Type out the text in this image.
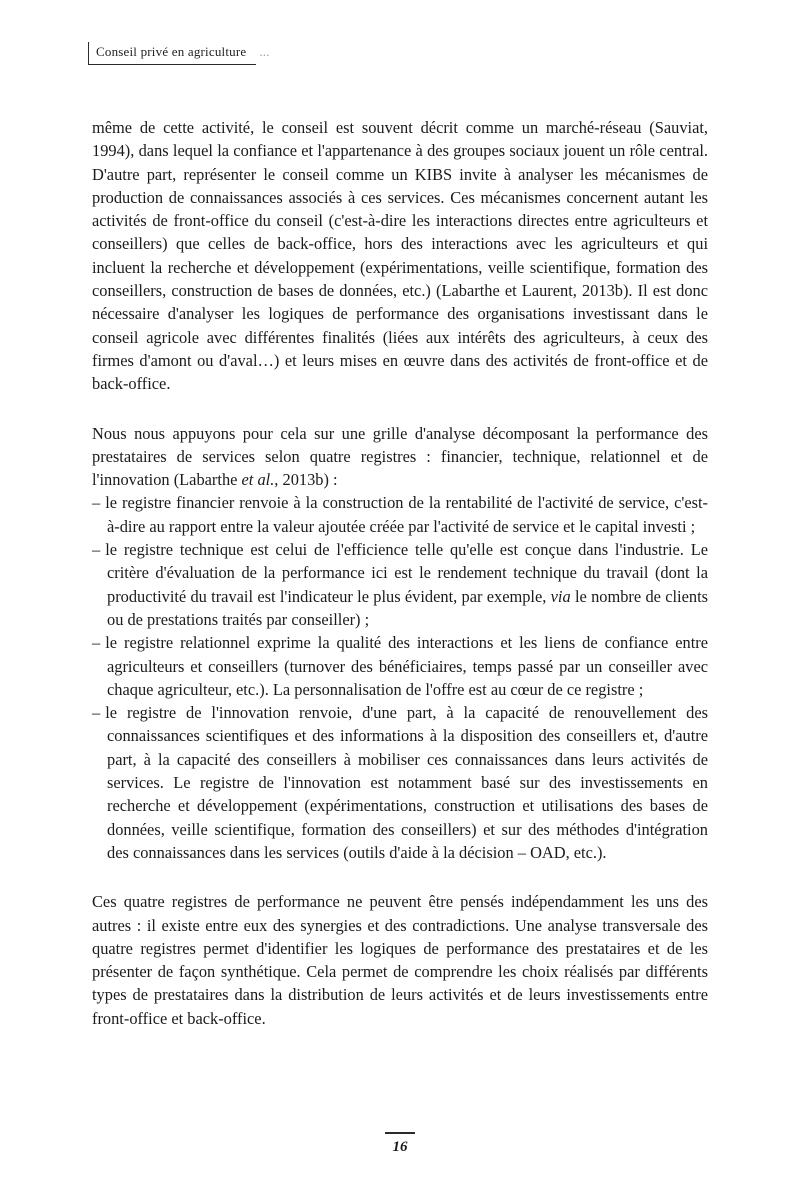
Conseil privé en agriculture ...

même de cette activité, le conseil est souvent décrit comme un marché-réseau (Sauviat, 1994), dans lequel la confiance et l'appartenance à des groupes sociaux jouent un rôle central. D'autre part, représenter le conseil comme un KIBS invite à analyser les mécanismes de production de connaissances associés à ces services. Ces mécanismes concernent autant les activités de front-office du conseil (c'est-à-dire les interactions directes entre agriculteurs et conseillers) que celles de back-office, hors des interactions avec les agriculteurs et qui incluent la recherche et développement (expérimentations, veille scientifique, formation des conseillers, construction de bases de données, etc.) (Labarthe et Laurent, 2013b). Il est donc nécessaire d'analyser les logiques de performance des organisations investissant dans le conseil agricole avec différentes finalités (liées aux intérêts des agriculteurs, à ceux des firmes d'amont ou d'aval…) et leurs mises en œuvre dans des activités de front-office et de back-office.

Nous nous appuyons pour cela sur une grille d'analyse décomposant la performance des prestataires de services selon quatre registres : financier, technique, relationnel et de l'innovation (Labarthe et al., 2013b) :

– le registre financier renvoie à la construction de la rentabilité de l'activité de service, c'est-à-dire au rapport entre la valeur ajoutée créée par l'activité de service et le capital investi ;

– le registre technique est celui de l'efficience telle qu'elle est conçue dans l'industrie. Le critère d'évaluation de la performance ici est le rendement technique du travail (dont la productivité du travail est l'indicateur le plus évident, par exemple, via le nombre de clients ou de prestations traités par conseiller) ;

– le registre relationnel exprime la qualité des interactions et les liens de confiance entre agriculteurs et conseillers (turnover des bénéficiaires, temps passé par un conseiller avec chaque agriculteur, etc.). La personnalisation de l'offre est au cœur de ce registre ;

– le registre de l'innovation renvoie, d'une part, à la capacité de renouvellement des connaissances scientifiques et des informations à la disposition des conseillers et, d'autre part, à la capacité des conseillers à mobiliser ces connaissances dans leurs activités de services. Le registre de l'innovation est notamment basé sur des investissements en recherche et développement (expérimentations, construction et utilisations des bases de données, veille scientifique, formation des conseillers) et sur des méthodes d'intégration des connaissances dans les services (outils d'aide à la décision – OAD, etc.).

Ces quatre registres de performance ne peuvent être pensés indépendamment les uns des autres : il existe entre eux des synergies et des contradictions. Une analyse transversale des quatre registres permet d'identifier les logiques de performance des prestataires et de les présenter de façon synthétique. Cela permet de comprendre les choix réalisés par différents types de prestataires dans la distribution de leurs activités et de leurs investissements entre front-office et back-office.

16
